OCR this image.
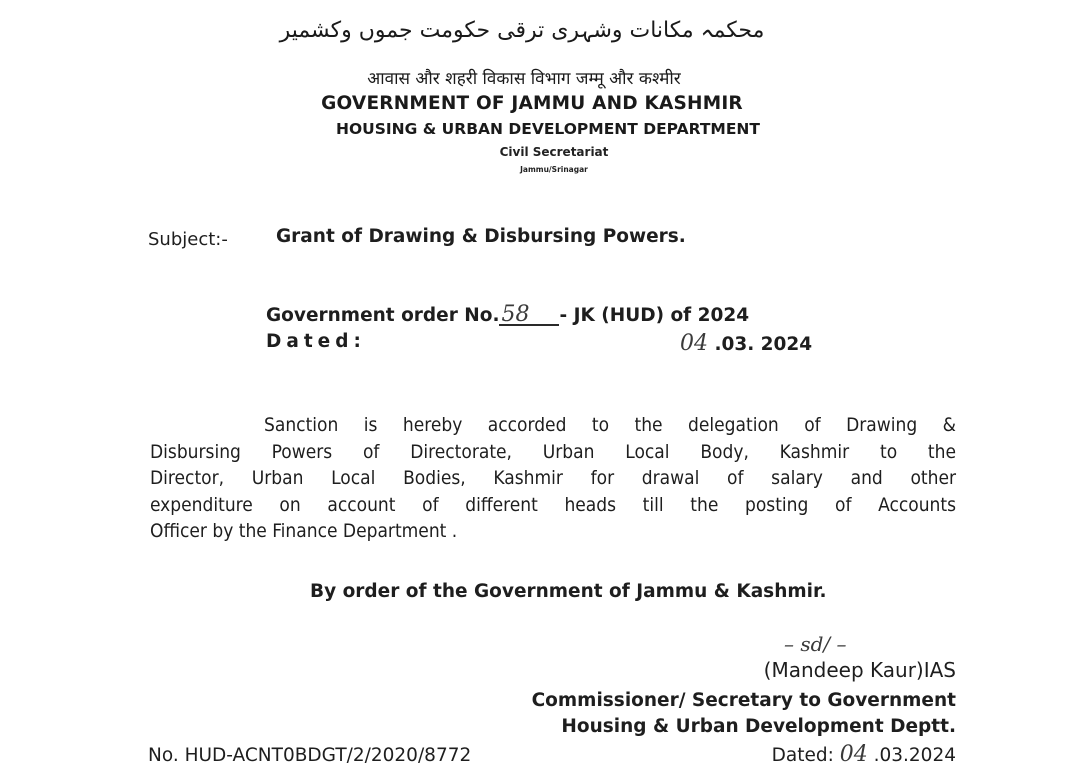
محکمہ مکانات وشہری ترقی حکومت جموں وکشمیر
आवास और शहरी विकास विभाग जम्मू और कश्मीर
GOVERNMENT OF JAMMU AND KASHMIR
HOUSING & URBAN DEVELOPMENT DEPARTMENT
Civil Secretariat
Jammu/Srinagar
Subject:-	Grant of Drawing & Disbursing Powers.
Government order No.58 - JK (HUD) of 2024
Dated:	04 .03. 2024
Sanction is hereby accorded to the delegation of Drawing &
Disbursing Powers of Directorate, Urban Local Body, Kashmir to the
Director, Urban Local Bodies, Kashmir for drawal of salary and other
expenditure on account of different heads till the posting of Accounts
Officer by the Finance Department .
By order of the Government of Jammu & Kashmir.
– sd/ –
(Mandeep Kaur)IAS
Commissioner/ Secretary to Government
Housing & Urban Development Deptt.
No. HUD-ACNT0BDGT/2/2020/8772	Dated: 04 .03.2024
